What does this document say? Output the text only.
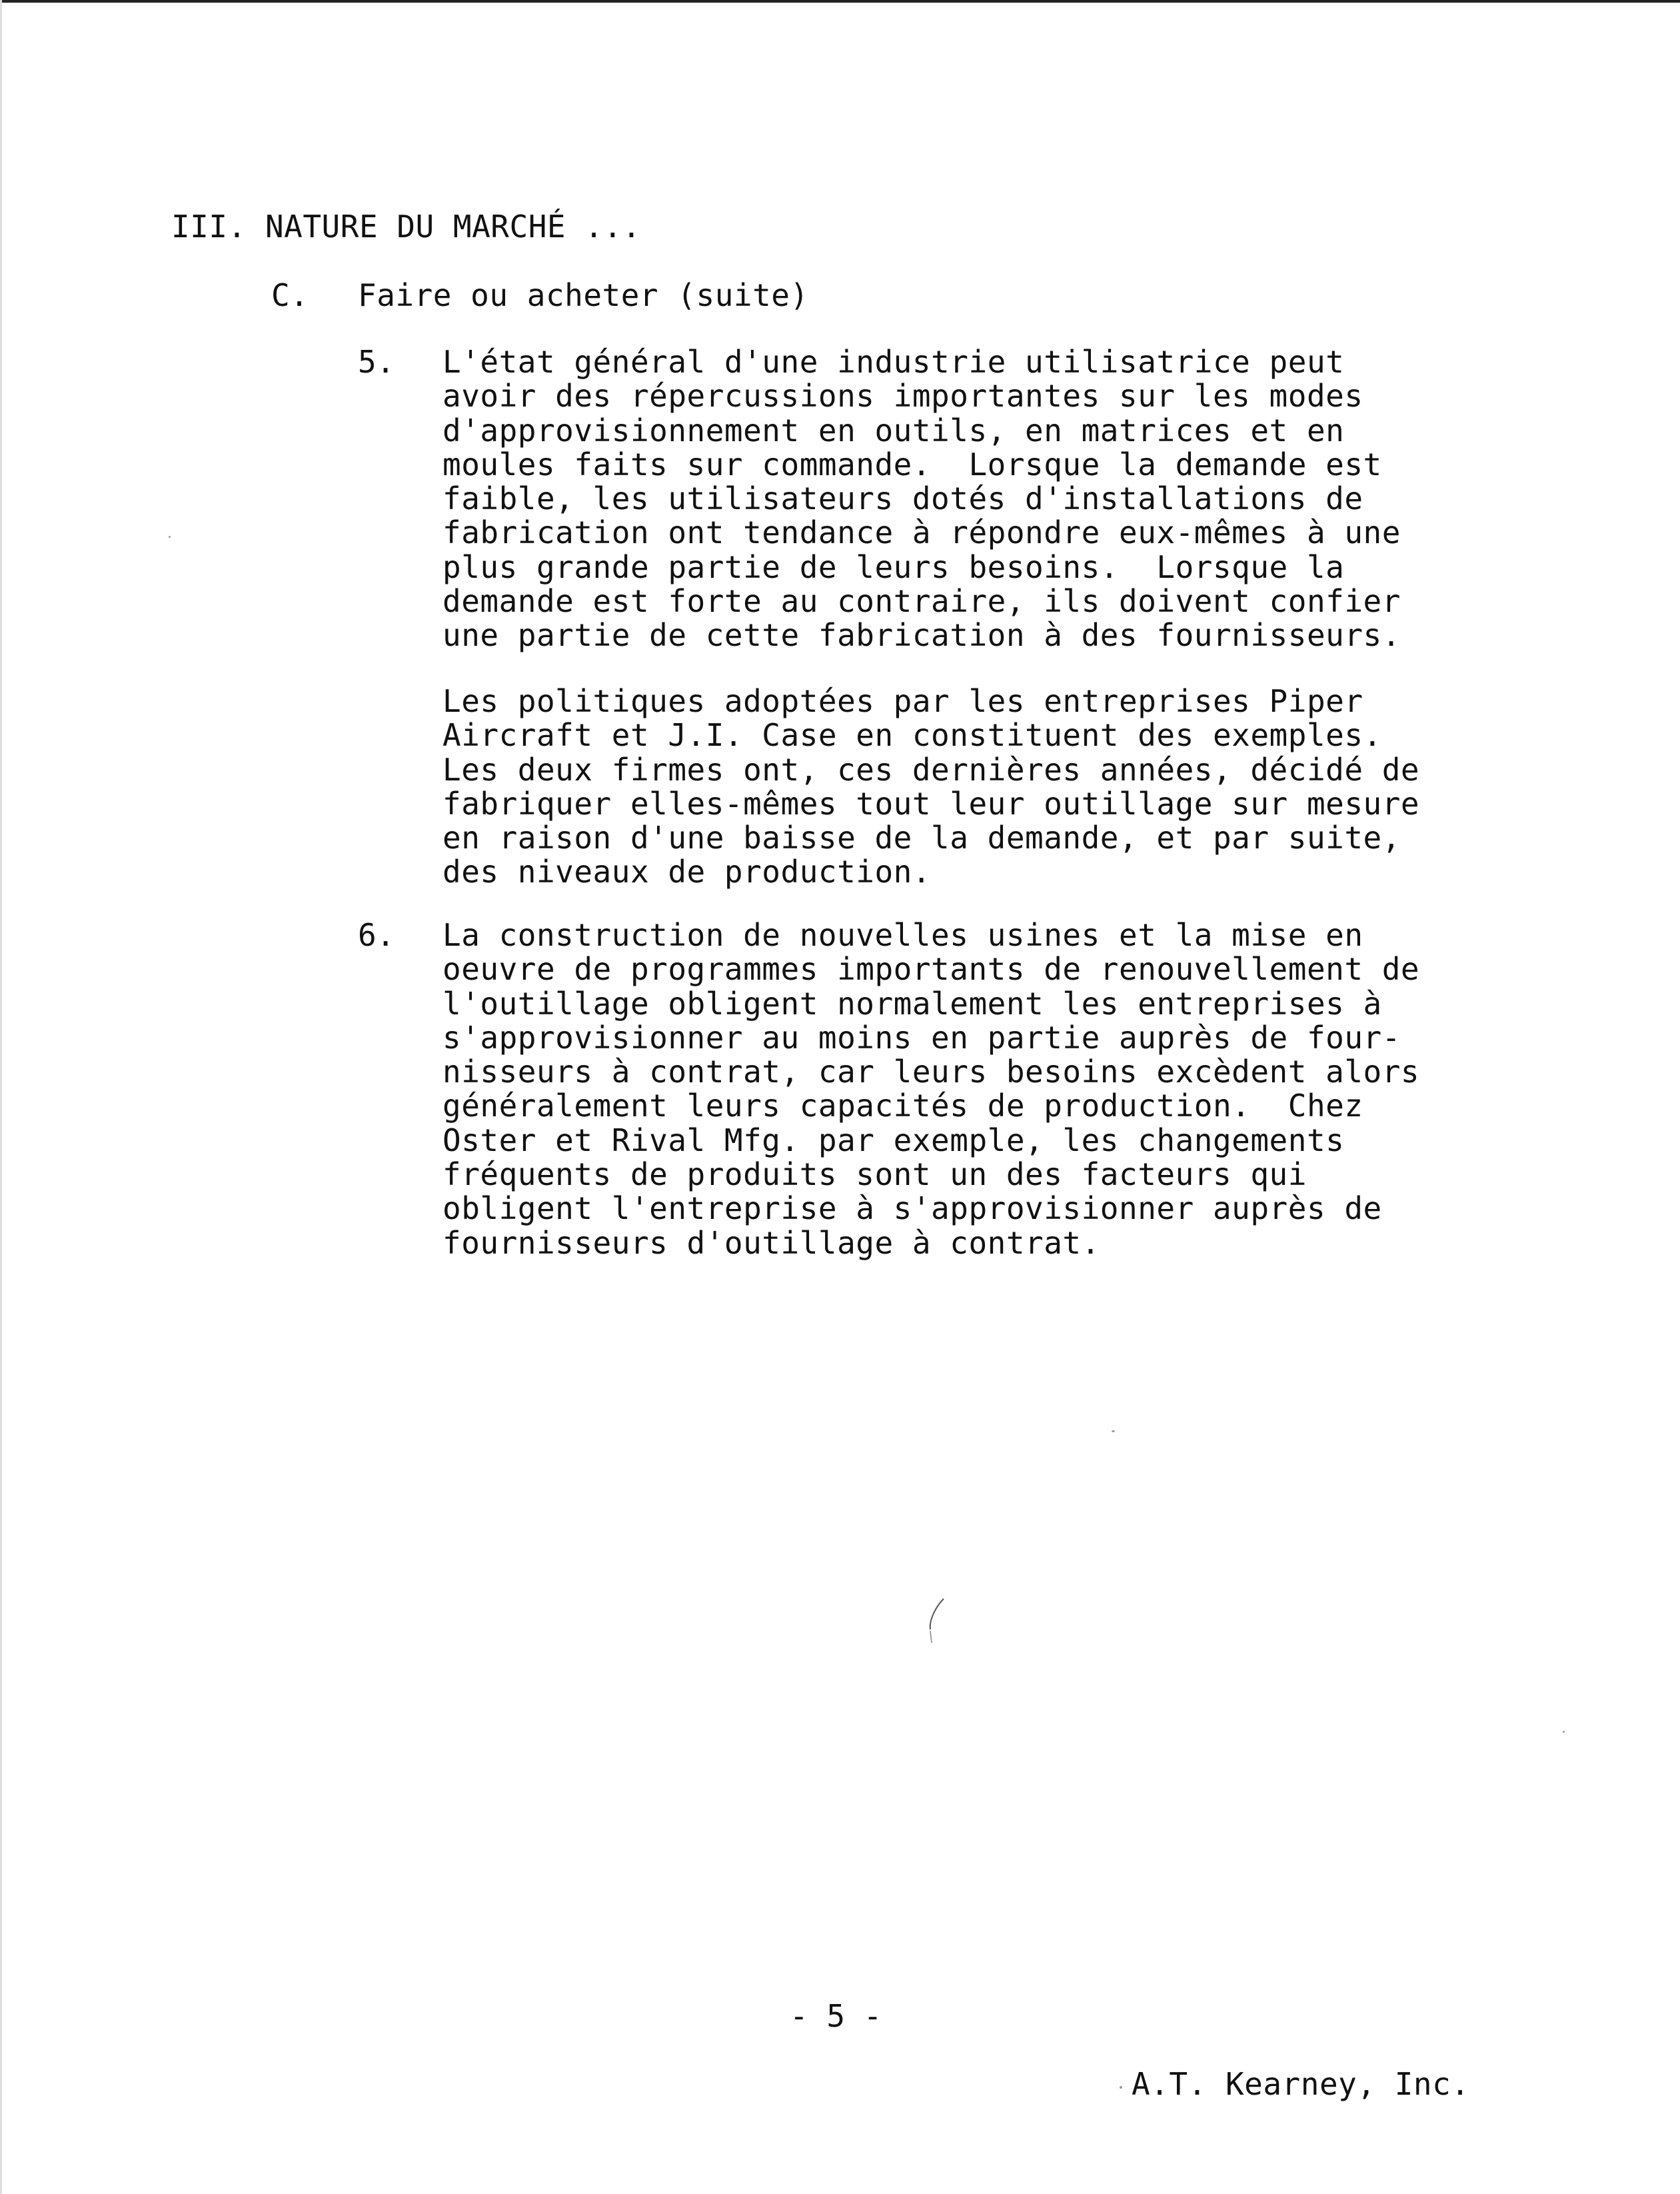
III. NATURE DU MARCHÉ ...
C. Faire ou acheter (suite)
5. L'état général d'une industrie utilisatrice peut
avoir des répercussions importantes sur les modes
d'approvisionnement en outils, en matrices et en
moules faits sur commande.  Lorsque la demande est
faible, les utilisateurs dotés d'installations de
fabrication ont tendance à répondre eux-mêmes à une
plus grande partie de leurs besoins.  Lorsque la
demande est forte au contraire, ils doivent confier
une partie de cette fabrication à des fournisseurs.
Les politiques adoptées par les entreprises Piper
Aircraft et J.I. Case en constituent des exemples.
Les deux firmes ont, ces dernières années, décidé de
fabriquer elles-mêmes tout leur outillage sur mesure
en raison d'une baisse de la demande, et par suite,
des niveaux de production.
6. La construction de nouvelles usines et la mise en
oeuvre de programmes importants de renouvellement de
l'outillage obligent normalement les entreprises à
s'approvisionner au moins en partie auprès de four-
nisseurs à contrat, car leurs besoins excèdent alors
généralement leurs capacités de production.  Chez
Oster et Rival Mfg. par exemple, les changements
fréquents de produits sont un des facteurs qui
obligent l'entreprise à s'approvisionner auprès de
fournisseurs d'outillage à contrat.
- 5 -
A.T. Kearney, Inc.
